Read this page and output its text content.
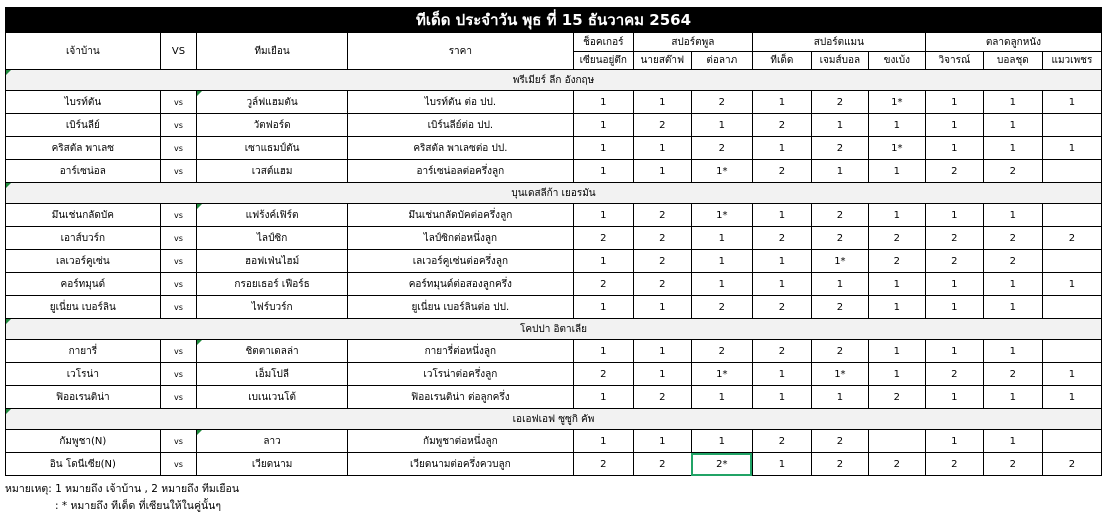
ทีเด็ด ประจำวัน พุธ ที่ 15 ธันวาคม 2564												
เจ้าบ้าน	VS	ทีมเยือน	ราคา	ช็อคเกอร์	สปอร์ตพูล		สปอร์ตแมน			ตลาดลูกหนัง		
				เซียนอยู่ตึก	นายสต๊าฟ	ต่อลาภ	ทีเด็ด	เจมส์บอล	ขงเบ้ง	วิจารณ์	บอลชุด	แมวเพชร
พรีเมียร์ ลีก อังกฤษ												
ไบรท์ตัน	vs	วูล์ฟแฮมตัน	ไบรท์ตัน ต่อ ปป.	1	1	2	1	2	1*	1	1	1
เบิร์นลีย์	vs	วัตฟอร์ด	เบิร์นลีย์ต่อ ปป.	1	2	1	2	1	1	1	1	
คริสตัล พาเลซ	vs	เซาแธมป์ตัน	คริสตัล พาเลซต่อ ปป.	1	1	2	1	2	1*	1	1	1
อาร์เซน่อล	vs	เวสต์แฮม	อาร์เซน่อลต่อครึ่งลูก	1	1	1*	2	1	1	2	2	
บุนเดสลีก้า เยอรมัน												
มึนเช่นกลัดบัค	vs	แฟร้งค์เฟิร์ต	มึนเช่นกลัดบัคต่อครึ่งลูก	1	2	1*	1	2	1	1	1	
เอาส์บวร์ก	vs	ไลป์ซิก	ไลป์ซิกต่อหนึ่งลูก	2	2	1	2	2	2	2	2	2
เลเวอร์คูเซ่น	vs	ฮอฟเฟ่นไฮม์	เลเวอร์คูเซ่นต่อครึ่งลูก	1	2	1	1	1*	2	2	2	
คอร์ทมุนด์	vs	กรอยเธอร์ เฟือร์ธ	คอร์ทมุนด์ต่อสองลูกครึ่ง	2	2	1	1	1	1	1	1	1
ยูเนี่ยน เบอร์ลิน	vs	ไฟร์บวร์ก	ยูเนี่ยน เบอร์ลินต่อ ปป.	1	1	2	2	2	1	1	1	
โคปปา อิตาเลีย												
กายารี่	vs	ชิตตาเดลล่า	กายารี่ต่อหนึ่งลูก	1	1	2	2	2	1	1	1	
เวโรน่า	vs	เอ็มโปลี	เวโรน่าต่อครึ่งลูก	2	1	1*	1	1*	1	2	2	1
ฟิออเรนติน่า	vs	เบเนเวนโต้	ฟิออเรนติน่า ต่อลูกครึ่ง	1	2	1	1	1	2	1	1	1
เอเอฟเอฟ ซูซูกิ คัพ												
กัมพูชา(N)	vs	ลาว	กัมพูชาต่อหนึ่งลูก	1	1	1	2	2		1	1	
อิน โดนีเซีย(N)	vs	เวียดนาม	เวียดนามต่อครึ่งควบลูก	2	2	2*	1	2	2	2	2	2
หมายเหตุ: 1 หมายถึง เจ้าบ้าน , 2 หมายถึง ทีมเยือน
: * หมายถึง ทีเด็ด ที่เซียนให้ในคู่นั้นๆ
